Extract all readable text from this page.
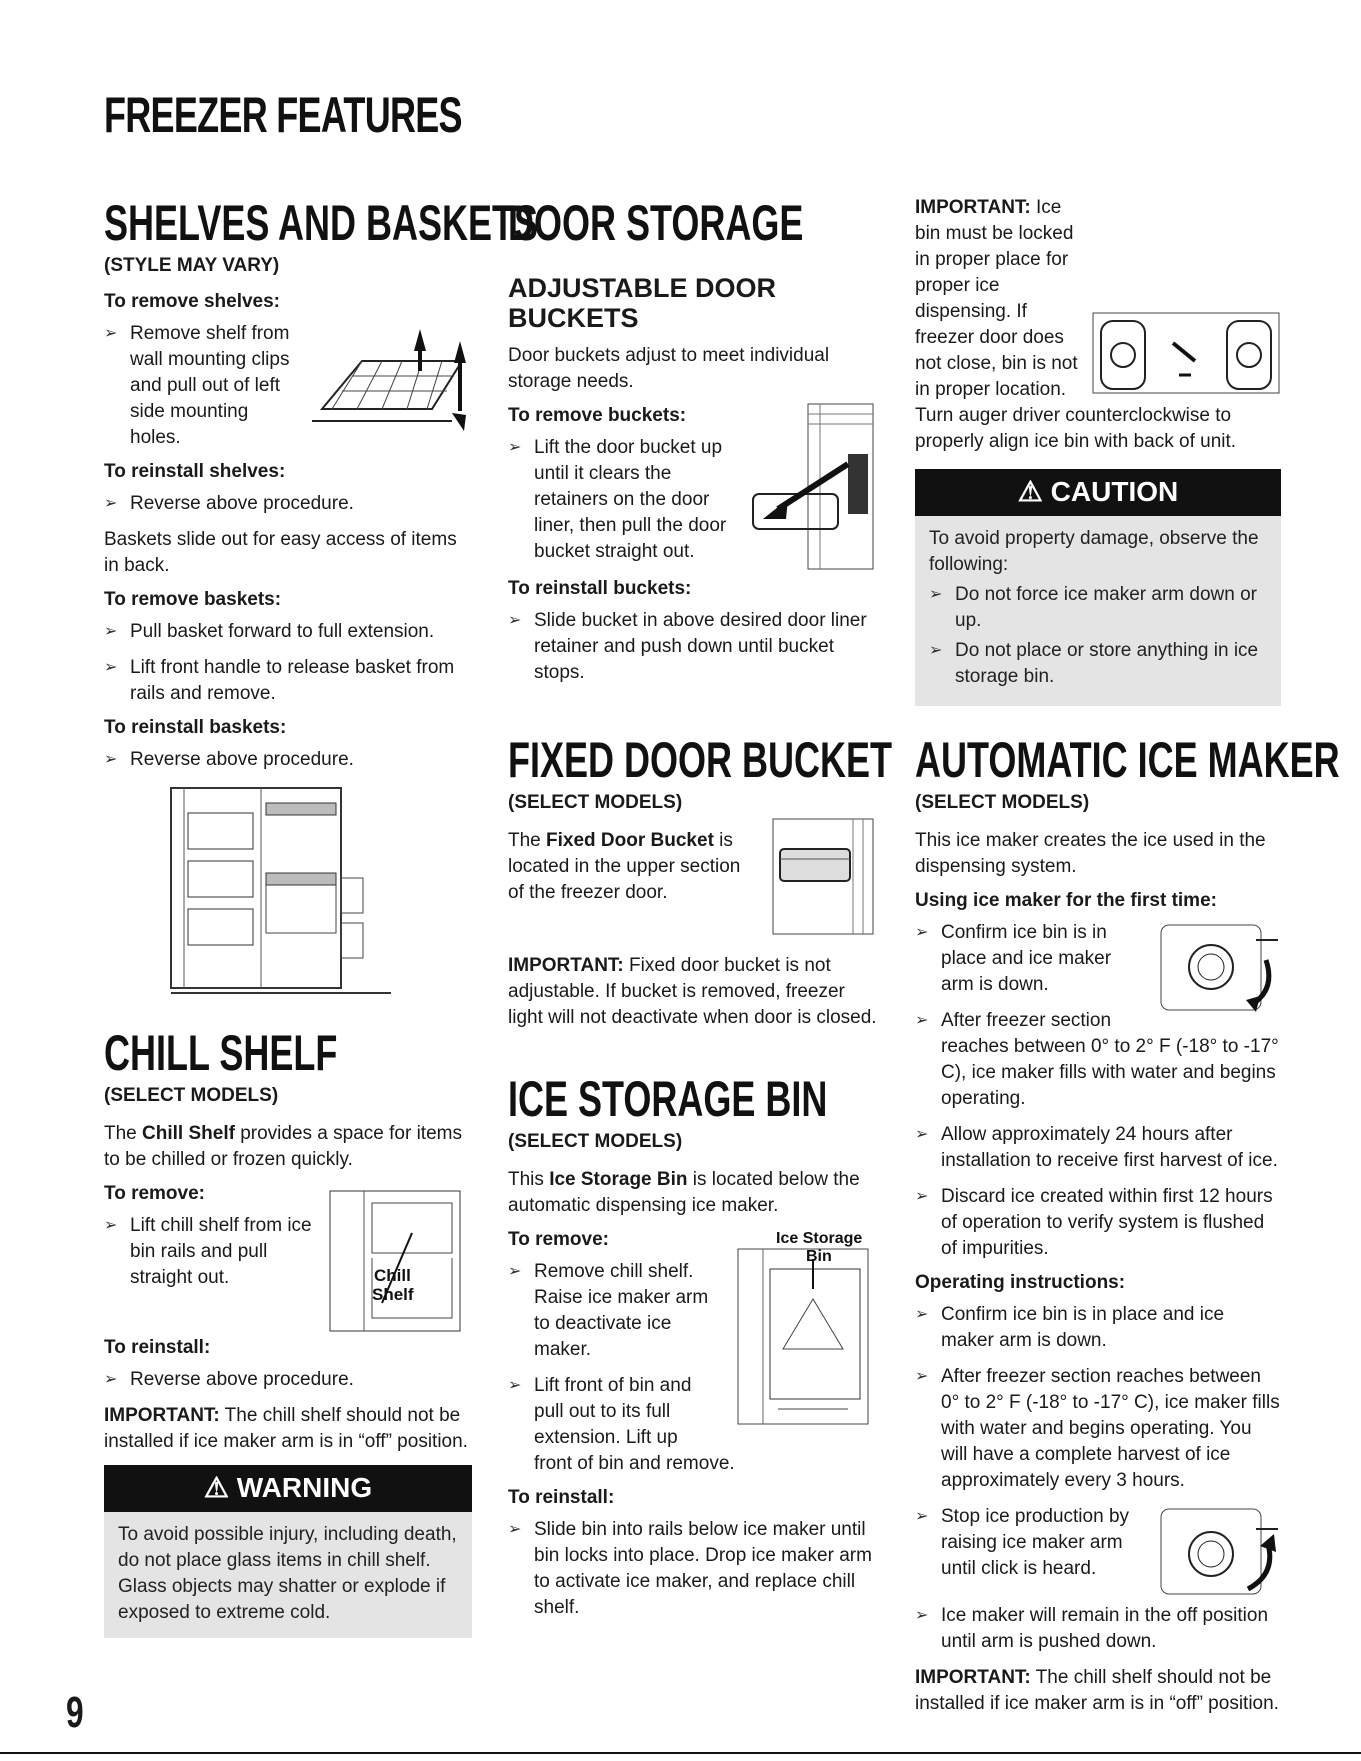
FREEZER FEATURES
SHELVES AND BASKETS
(STYLE MAY VARY)
To remove shelves:
➢ Remove shelf from wall mounting clips and pull out of left side mounting holes.
To reinstall shelves:
➢ Reverse above procedure.

Baskets slide out for easy access of items in back.

To remove baskets:
➢ Pull basket forward to full extension.
➢ Lift front handle to release basket from rails and remove.
To reinstall baskets:
➢ Reverse above procedure.
CHILL SHELF
(SELECT MODELS)

The Chill Shelf provides a space for items to be chilled or frozen quickly.

Chill
Shelf
To remove:
➢ Lift chill shelf from ice bin rails and pull straight out.
To reinstall:
➢ Reverse above procedure.

IMPORTANT: The chill shelf should not be installed if ice maker arm is in “off” position.

⚠ WARNING
To avoid possible injury, including death, do not place glass items in chill shelf. Glass objects may shatter or explode if exposed to extreme cold.
DOOR STORAGE
ADJUSTABLE DOOR BUCKETS

Door buckets adjust to meet individual storage needs.

To remove buckets:
➢ Lift the door bucket up until it clears the retainers on the door liner, then pull the door bucket straight out.
To reinstall buckets:
➢ Slide bucket in above desired door liner retainer and push down until bucket stops.
FIXED DOOR BUCKET
(SELECT MODELS)

The Fixed Door Bucket is located in the upper section of the freezer door.

IMPORTANT: Fixed door bucket is not adjustable. If bucket is removed, freezer light will not deactivate when door is closed.

ICE STORAGE BIN
(SELECT MODELS)

This Ice Storage Bin is located below the automatic dispensing ice maker.

Ice Storage
Bin
To remove:
➢ Remove chill shelf. Raise ice maker arm to deactivate ice maker.
➢ Lift front of bin and pull out to its full extension. Lift up front of bin and remove.
To reinstall:
➢ Slide bin into rails below ice maker until bin locks into place. Drop ice maker arm to activate ice maker, and replace chill shelf.

IMPORTANT: Ice bin must be locked in proper place for proper ice dispensing. If freezer door does not close, bin is not in proper location. Turn auger driver counterclockwise to properly align ice bin with back of unit.

⚠ CAUTION
To avoid property damage, observe the following:
➢ Do not force ice maker arm down or up.
➢ Do not place or store anything in ice storage bin.
AUTOMATIC ICE MAKER
(SELECT MODELS)

This ice maker creates the ice used in the dispensing system.

Using ice maker for the first time:
➢ Confirm ice bin is in place and ice maker arm is down.
➢ After freezer section reaches between 0° to 2° F (-18° to -17° C), ice maker fills with water and begins operating.
➢ Allow approximately 24 hours after installation to receive first harvest of ice.
➢ Discard ice created within first 12 hours of operation to verify system is flushed of impurities.
Operating instructions:
➢ Confirm ice bin is in place and ice maker arm is down.
➢ After freezer section reaches between 0° to 2° F (-18° to -17° C), ice maker fills with water and begins operating. You will have a complete harvest of ice approximately every 3 hours.
➢ Stop ice production by raising ice maker arm until click is heard.
➢ Ice maker will remain in the off position until arm is pushed down.

IMPORTANT: The chill shelf should not be installed if ice maker arm is in “off” position.

9
